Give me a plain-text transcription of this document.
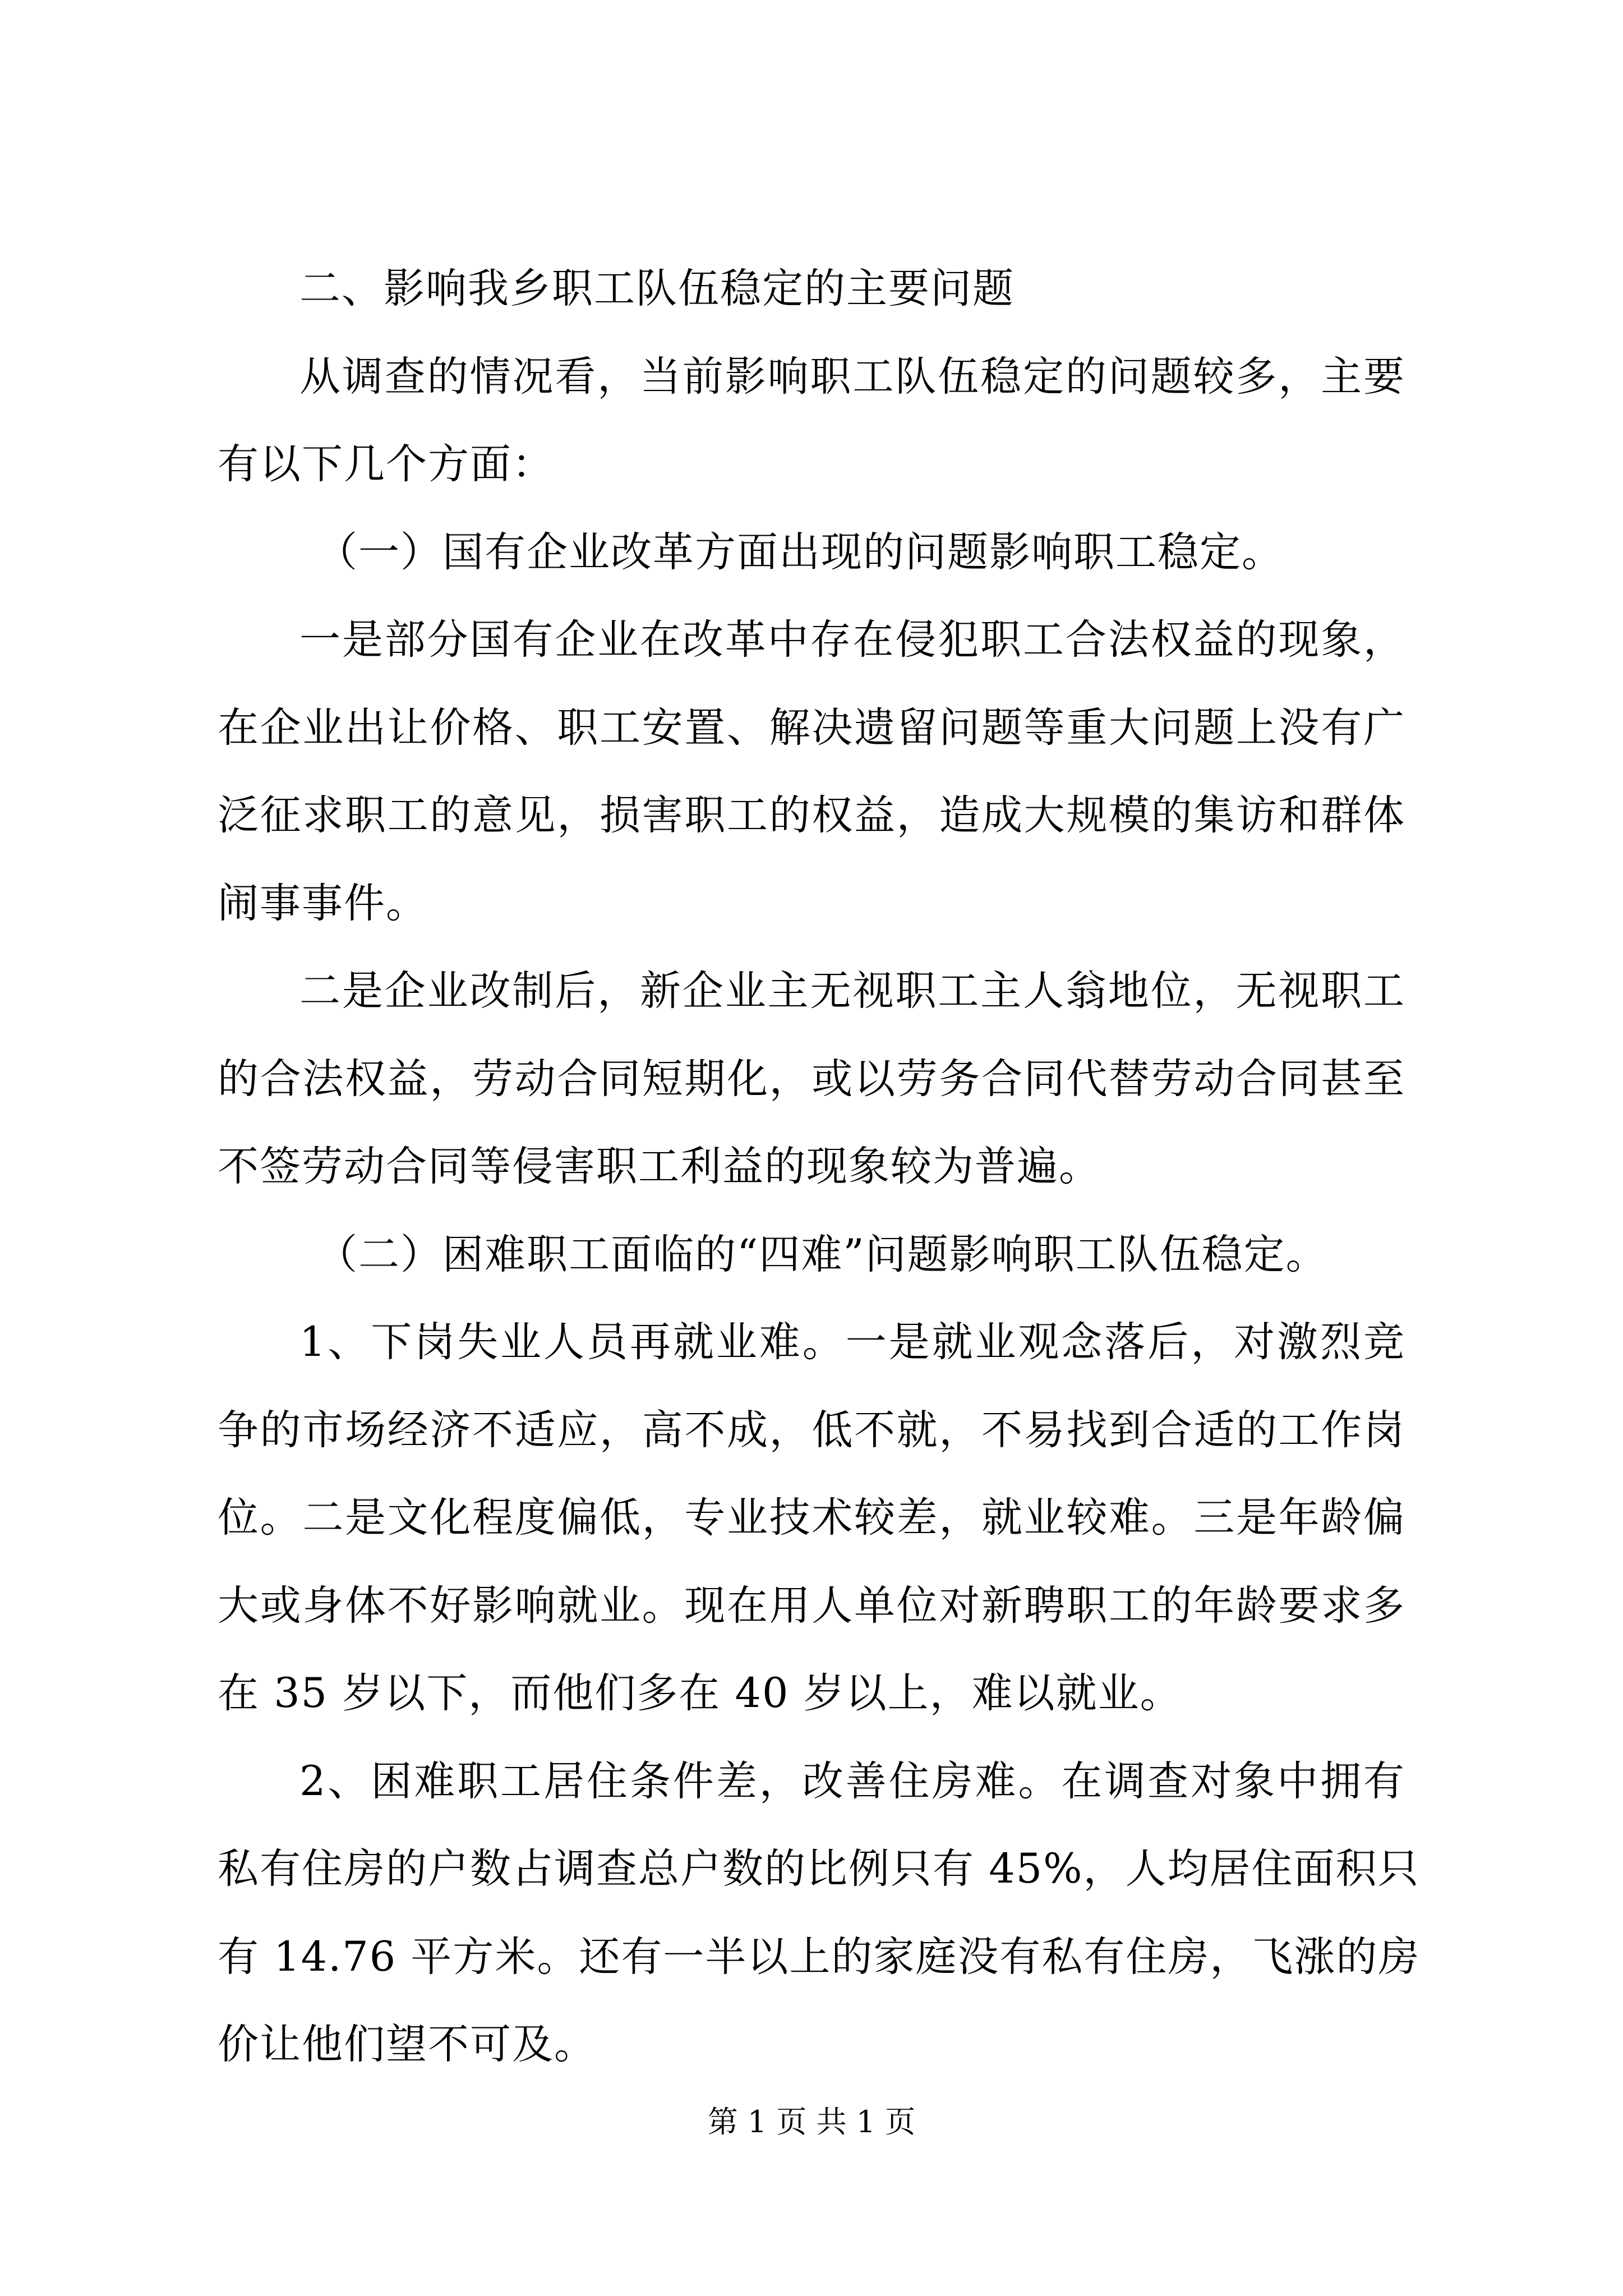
二、影响我乡职工队伍稳定的主要问题
从调查的情况看，当前影响职工队伍稳定的问题较多，主要
有以下几个方面：
（一）国有企业改革方面出现的问题影响职工稳定。
一是部分国有企业在改革中存在侵犯职工合法权益的现象，
在企业出让价格、职工安置、解决遗留问题等重大问题上没有广
泛征求职工的意见，损害职工的权益，造成大规模的集访和群体
闹事事件。
二是企业改制后，新企业主无视职工主人翁地位，无视职工
的合法权益，劳动合同短期化，或以劳务合同代替劳动合同甚至
不签劳动合同等侵害职工利益的现象较为普遍。
（二）困难职工面临的“四难”问题影响职工队伍稳定。
1、下岗失业人员再就业难。一是就业观念落后，对激烈竞
争的市场经济不适应，高不成，低不就，不易找到合适的工作岗
位。二是文化程度偏低，专业技术较差，就业较难。三是年龄偏
大或身体不好影响就业。现在用人单位对新聘职工的年龄要求多
在 35 岁以下，而他们多在 40 岁以上，难以就业。
2、困难职工居住条件差，改善住房难。在调查对象中拥有
私有住房的户数占调查总户数的比例只有 45%，人均居住面积只
有 14.76 平方米。还有一半以上的家庭没有私有住房，飞涨的房
价让他们望不可及。
第 1 页 共 1 页
